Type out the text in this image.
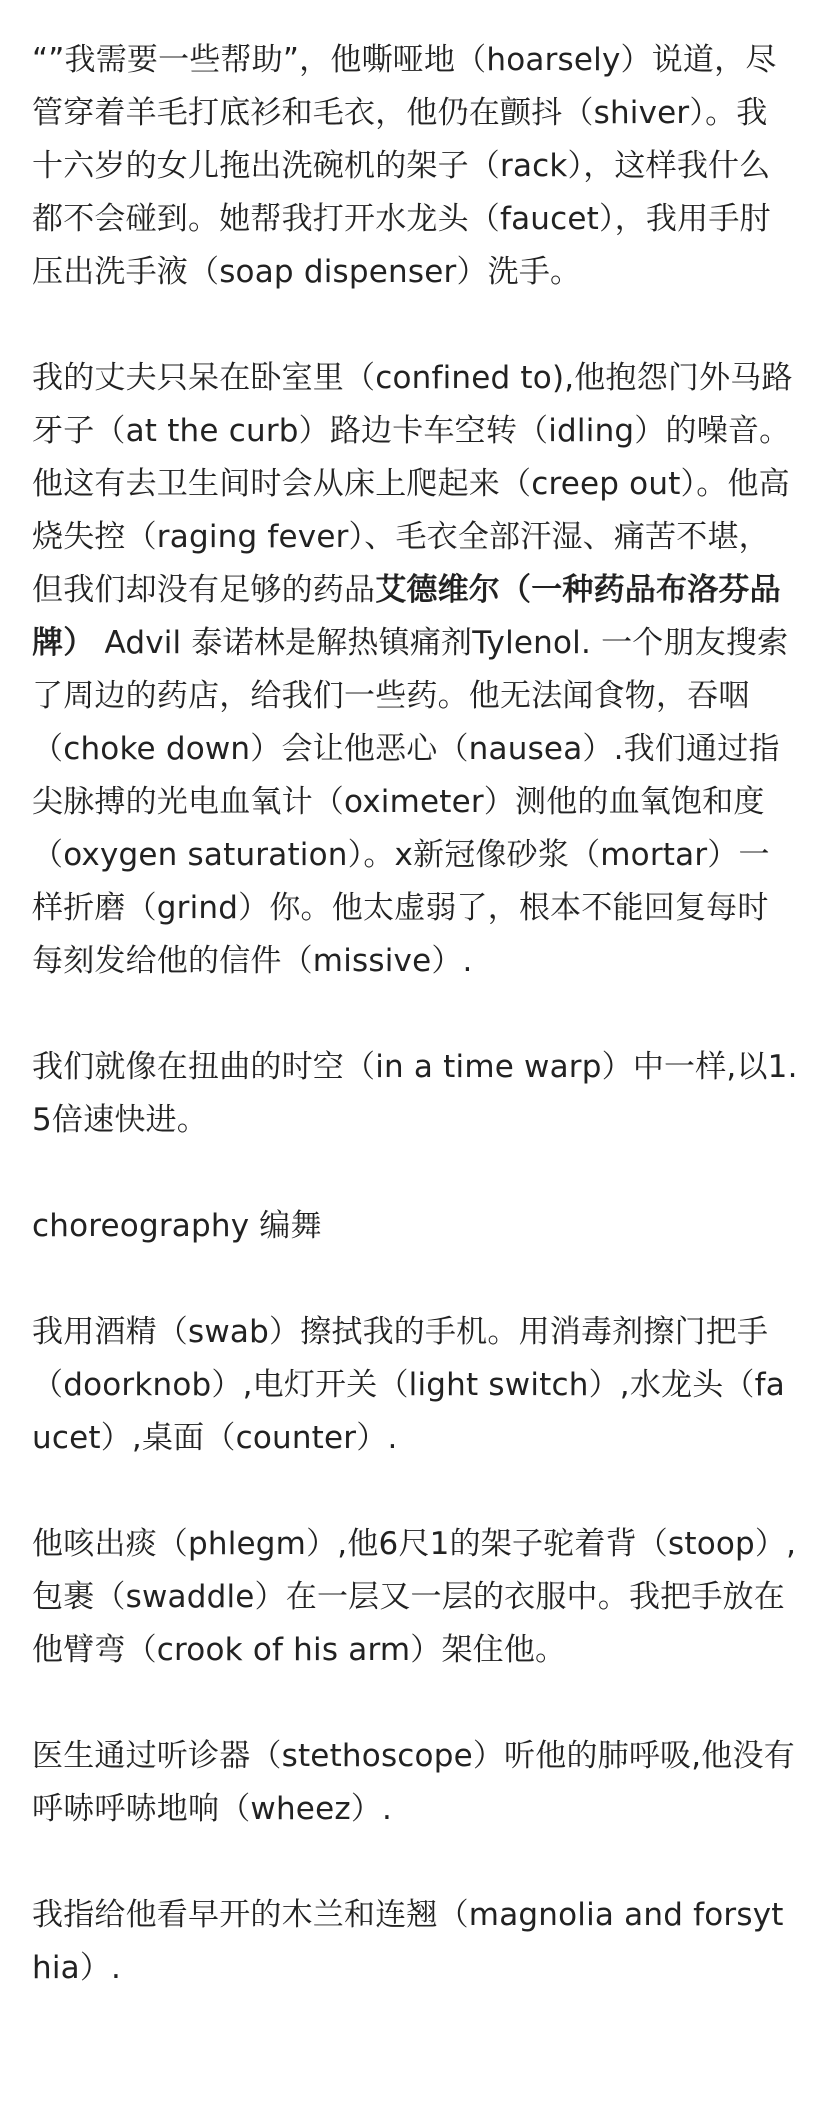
“”我需要一些帮助”，他嘶哑地（hoarsely）说道，尽管穿着羊毛打底衫和毛衣，他仍在颤抖（shiver）。我十六岁的女儿拖出洗碗机的架子（rack），这样我什么都不会碰到。她帮我打开水龙头（faucet），我用手肘压出洗手液（soap dispenser）洗手。

我的丈夫只呆在卧室里（confined to),他抱怨门外马路牙子（at the curb）路边卡车空转（idling）的噪音。他这有去卫生间时会从床上爬起来（creep out）。他高烧失控（raging fever）、毛衣全部汗湿、痛苦不堪，但我们却没有足够的药品艾德维尔（一种药品布洛芬品牌） Advil 泰诺林是解热镇痛剂Tylenol. 一个朋友搜索了周边的药店，给我们一些药。他无法闻食物，吞咽（choke down）会让他恶心（nausea）.我们通过指尖脉搏的光电血氧计（oximeter）测他的血氧饱和度（oxygen saturation）。x新冠像砂浆（mortar）一样折磨（grind）你。他太虚弱了，根本不能回复每时每刻发给他的信件（missive）.

我们就像在扭曲的时空（in a time warp）中一样,以1.5倍速快进。

choreography 编舞

我用酒精（swab）擦拭我的手机。用消毒剂擦门把手（doorknob）,电灯开关（light switch）,水龙头（faucet）,桌面（counter）.

他咳出痰（phlegm）,他6尺1的架子驼着背（stoop）,包裹（swaddle）在一层又一层的衣服中。我把手放在他臂弯（crook of his arm）架住他。

医生通过听诊器（stethoscope）听他的肺呼吸,他没有 呼哧呼哧地响（wheez）.

我指给他看早开的木兰和连翘（magnolia and forsythia）.
